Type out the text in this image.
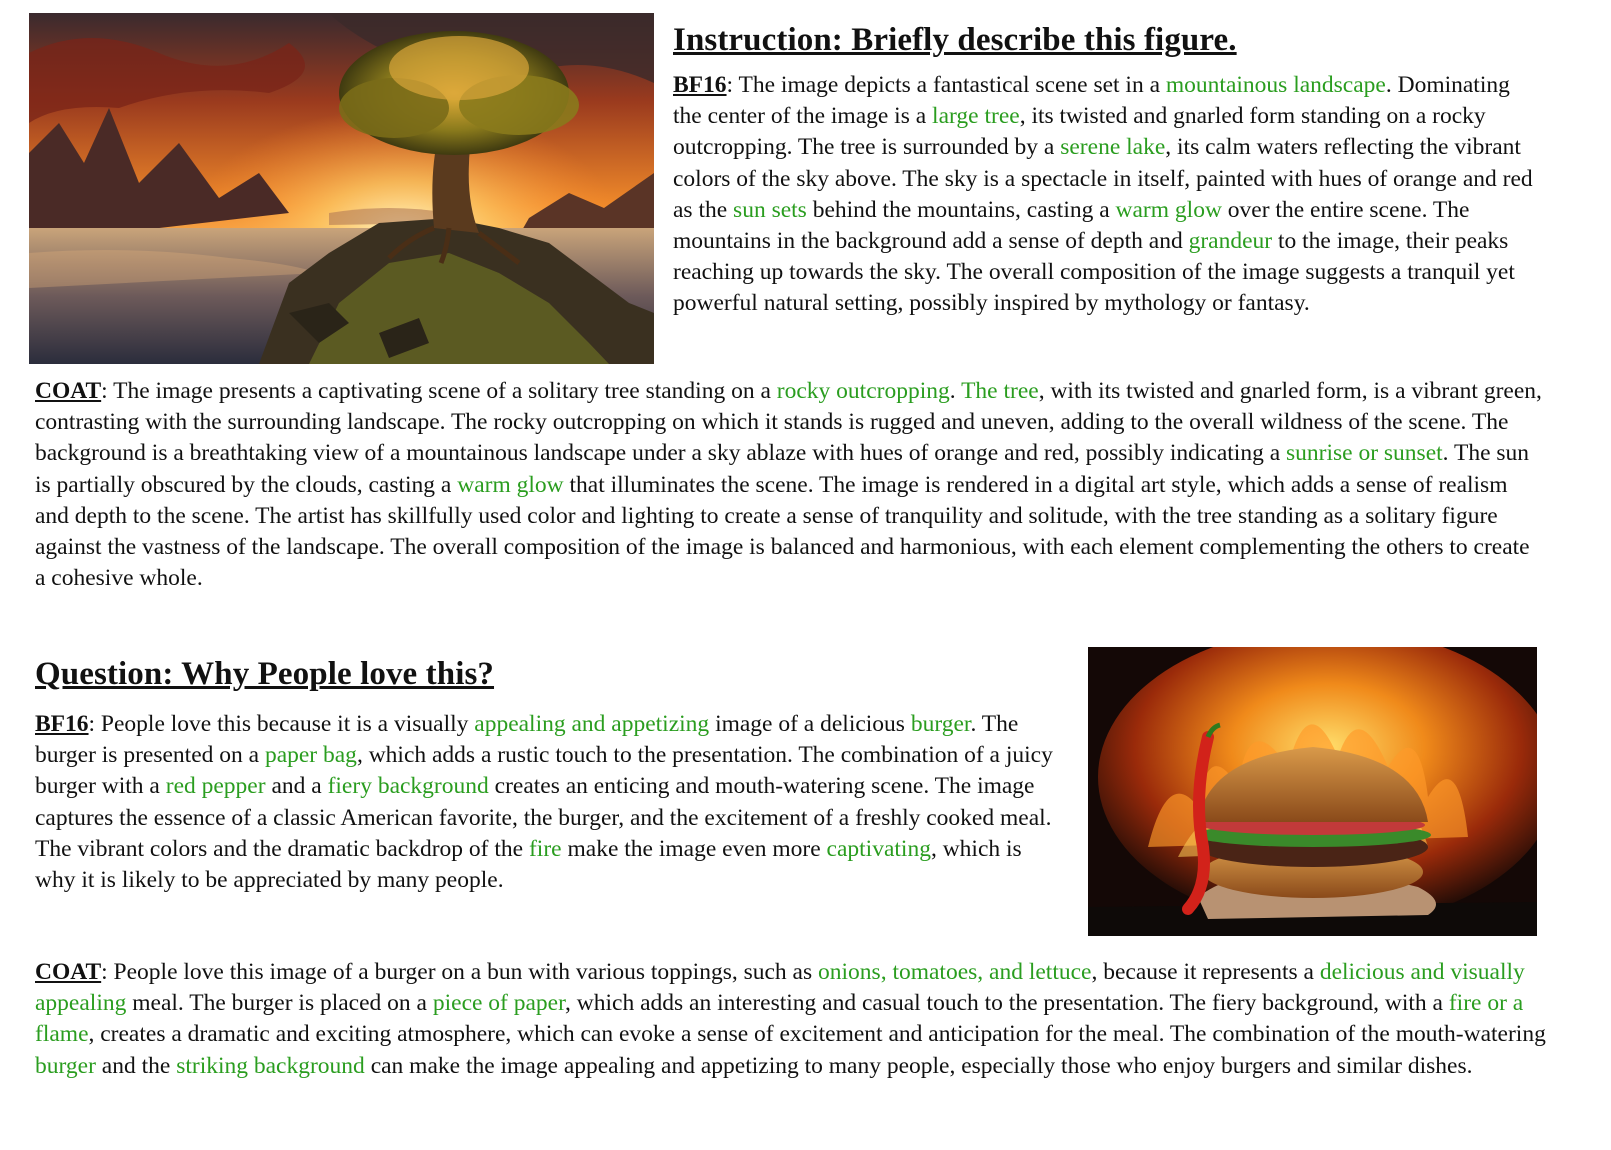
Instruction: Briefly describe this figure.
BF16: The image depicts a fantastical scene set in a mountainous landscape. Dominating the center of the image is a large tree, its twisted and gnarled form standing on a rocky outcropping. The tree is surrounded by a serene lake, its calm waters reflecting the vibrant colors of the sky above. The sky is a spectacle in itself, painted with hues of orange and red as the sun sets behind the mountains, casting a warm glow over the entire scene. The mountains in the background add a sense of depth and grandeur to the image, their peaks reaching up towards the sky. The overall composition of the image suggests a tranquil yet powerful natural setting, possibly inspired by mythology or fantasy.
COAT: The image presents a captivating scene of a solitary tree standing on a rocky outcropping. The tree, with its twisted and gnarled form, is a vibrant green, contrasting with the surrounding landscape. The rocky outcropping on which it stands is rugged and uneven, adding to the overall wildness of the scene. The background is a breathtaking view of a mountainous landscape under a sky ablaze with hues of orange and red, possibly indicating a sunrise or sunset. The sun is partially obscured by the clouds, casting a warm glow that illuminates the scene. The image is rendered in a digital art style, which adds a sense of realism and depth to the scene. The artist has skillfully used color and lighting to create a sense of tranquility and solitude, with the tree standing as a solitary figure against the vastness of the landscape. The overall composition of the image is balanced and harmonious, with each element complementing the others to create a cohesive whole.
Question: Why People love this?
BF16: People love this because it is a visually appealing and appetizing image of a delicious burger. The burger is presented on a paper bag, which adds a rustic touch to the presentation. The combination of a juicy burger with a red pepper and a fiery background creates an enticing and mouth-watering scene. The image captures the essence of a classic American favorite, the burger, and the excitement of a freshly cooked meal. The vibrant colors and the dramatic backdrop of the fire make the image even more captivating, which is why it is likely to be appreciated by many people.
COAT: People love this image of a burger on a bun with various toppings, such as onions, tomatoes, and lettuce, because it represents a delicious and visually appealing meal. The burger is placed on a piece of paper, which adds an interesting and casual touch to the presentation. The fiery background, with a fire or a flame, creates a dramatic and exciting atmosphere, which can evoke a sense of excitement and anticipation for the meal. The combination of the mouth-watering burger and the striking background can make the image appealing and appetizing to many people, especially those who enjoy burgers and similar dishes.
